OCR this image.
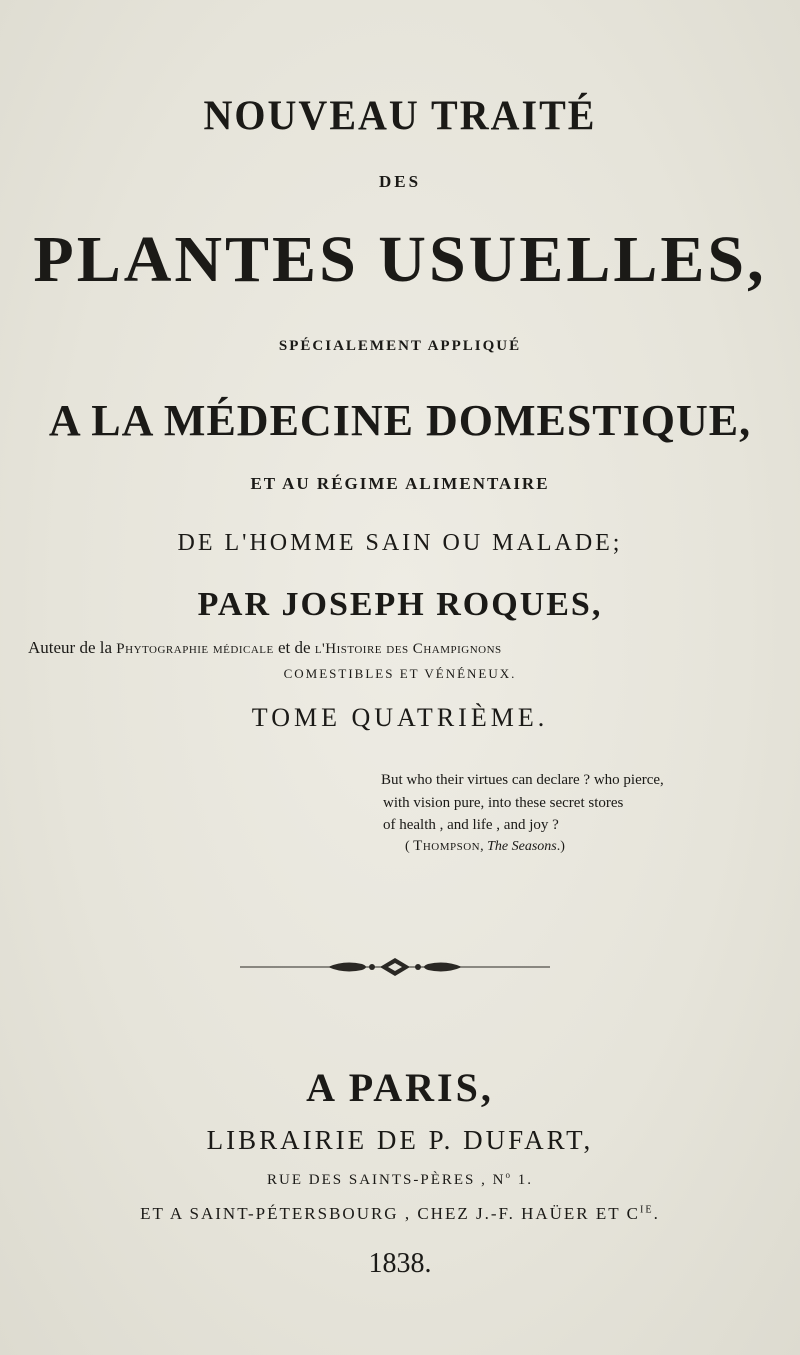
NOUVEAU TRAITÉ
DES
PLANTES USUELLES,
SPÉCIALEMENT APPLIQUÉ
A LA MÉDECINE DOMESTIQUE,
ET AU RÉGIME ALIMENTAIRE
DE L'HOMME SAIN OU MALADE;
PAR JOSEPH ROQUES,
Auteur de la Phytographie médicale et de l'Histoire des Champignons
COMESTIBLES ET VÉNÉNEUX.
TOME QUATRIÈME.
But who their virtues can declare ? who pierce,
with vision pure, into these secret stores
of health , and life , and joy ?
( Thompson, The Seasons.)
A PARIS,
LIBRAIRIE DE P. DUFART,
RUE DES SAINTS-PÈRES , $N^o$ 1.
ET A SAINT-PÉTERSBOURG , CHEZ J.-F. HAÜER ET $C^{IE}$.
1838.
